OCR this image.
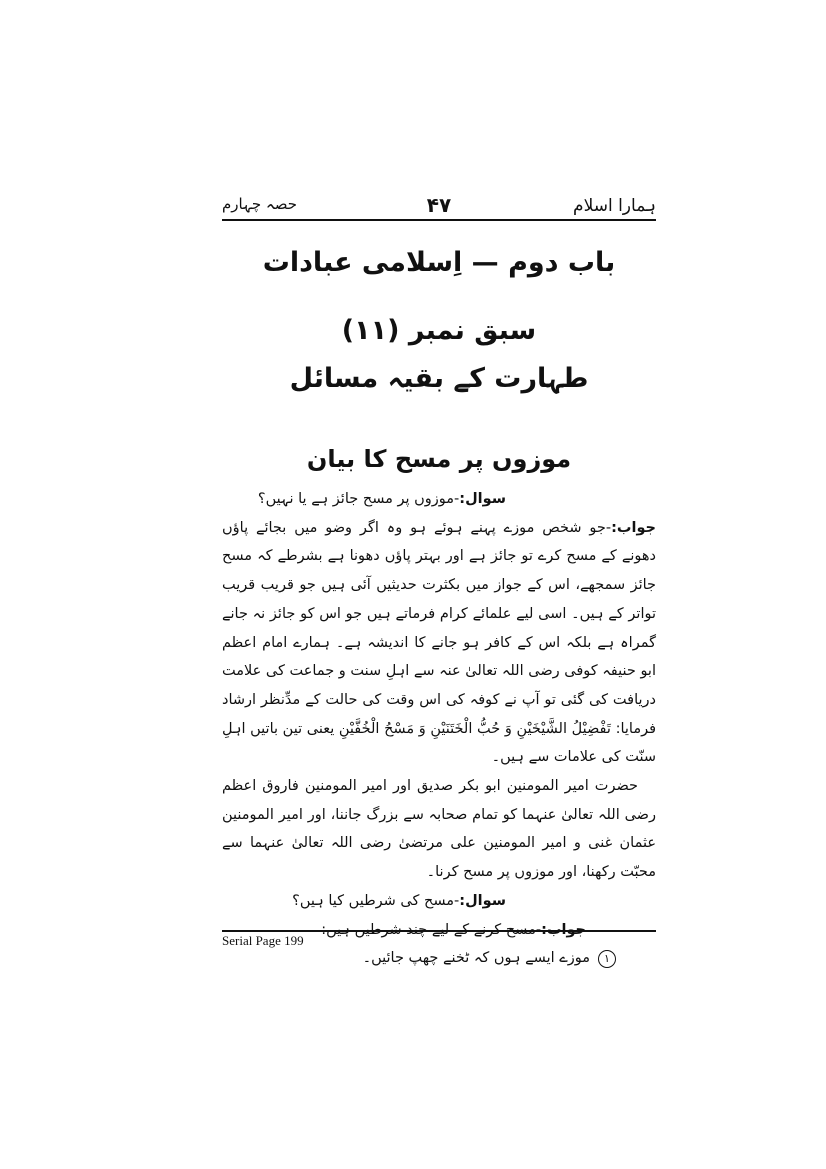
ہمارا اسلام
۴۷
حصہ چہارم
باب دوم — اِسلامی عبادات
سبق نمبر (۱۱)
طہارت کے بقیہ مسائل
موزوں پر مسح کا بیان

سوال:-موزوں پر مسح جائز ہے یا نہیں؟

جواب:-جو شخص موزے پہنے ہوئے ہو وہ اگر وضو میں بجائے پاؤں دھونے کے مسح کرے تو جائز ہے اور بہتر پاؤں دھونا ہے بشرطے کہ مسح جائز سمجھے، اس کے جواز میں بکثرت حدیثیں آئی ہیں جو قریب قریب تواتر کے ہیں۔ اسی لیے علمائے کرام فرماتے ہیں جو اس کو جائز نہ جانے گمراہ ہے بلکہ اس کے کافر ہو جانے کا اندیشہ ہے۔ ہمارے امام اعظم ابو حنیفہ کوفی رضی اللہ تعالیٰ عنہ سے اہلِ سنت و جماعت کی علامت دریافت کی گئی تو آپ نے کوفہ کی اس وقت کی حالت کے مدِّنظر ارشاد فرمایا: تَفْضِیْلُ الشَّیْخَیْنِ وَ حُبُّ الْخَتَنَیْنِ وَ مَسْحُ الْخُفَّیْنِ یعنی تین باتیں اہلِ سنّت کی علامات سے ہیں۔

حضرت امیر المومنین ابو بکر صدیق اور امیر المومنین فاروق اعظم رضی اللہ تعالیٰ عنہما کو تمام صحابہ سے بزرگ جاننا، اور امیر المومنین عثمان غنی و امیر المومنین علی مرتضیٰ رضی اللہ تعالیٰ عنہما سے محبّت رکھنا، اور موزوں پر مسح کرنا۔

سوال:-مسح کی شرطیں کیا ہیں؟

۱موزے ایسے ہوں کہ ٹخنے چھپ جائیں۔

Serial Page 199
